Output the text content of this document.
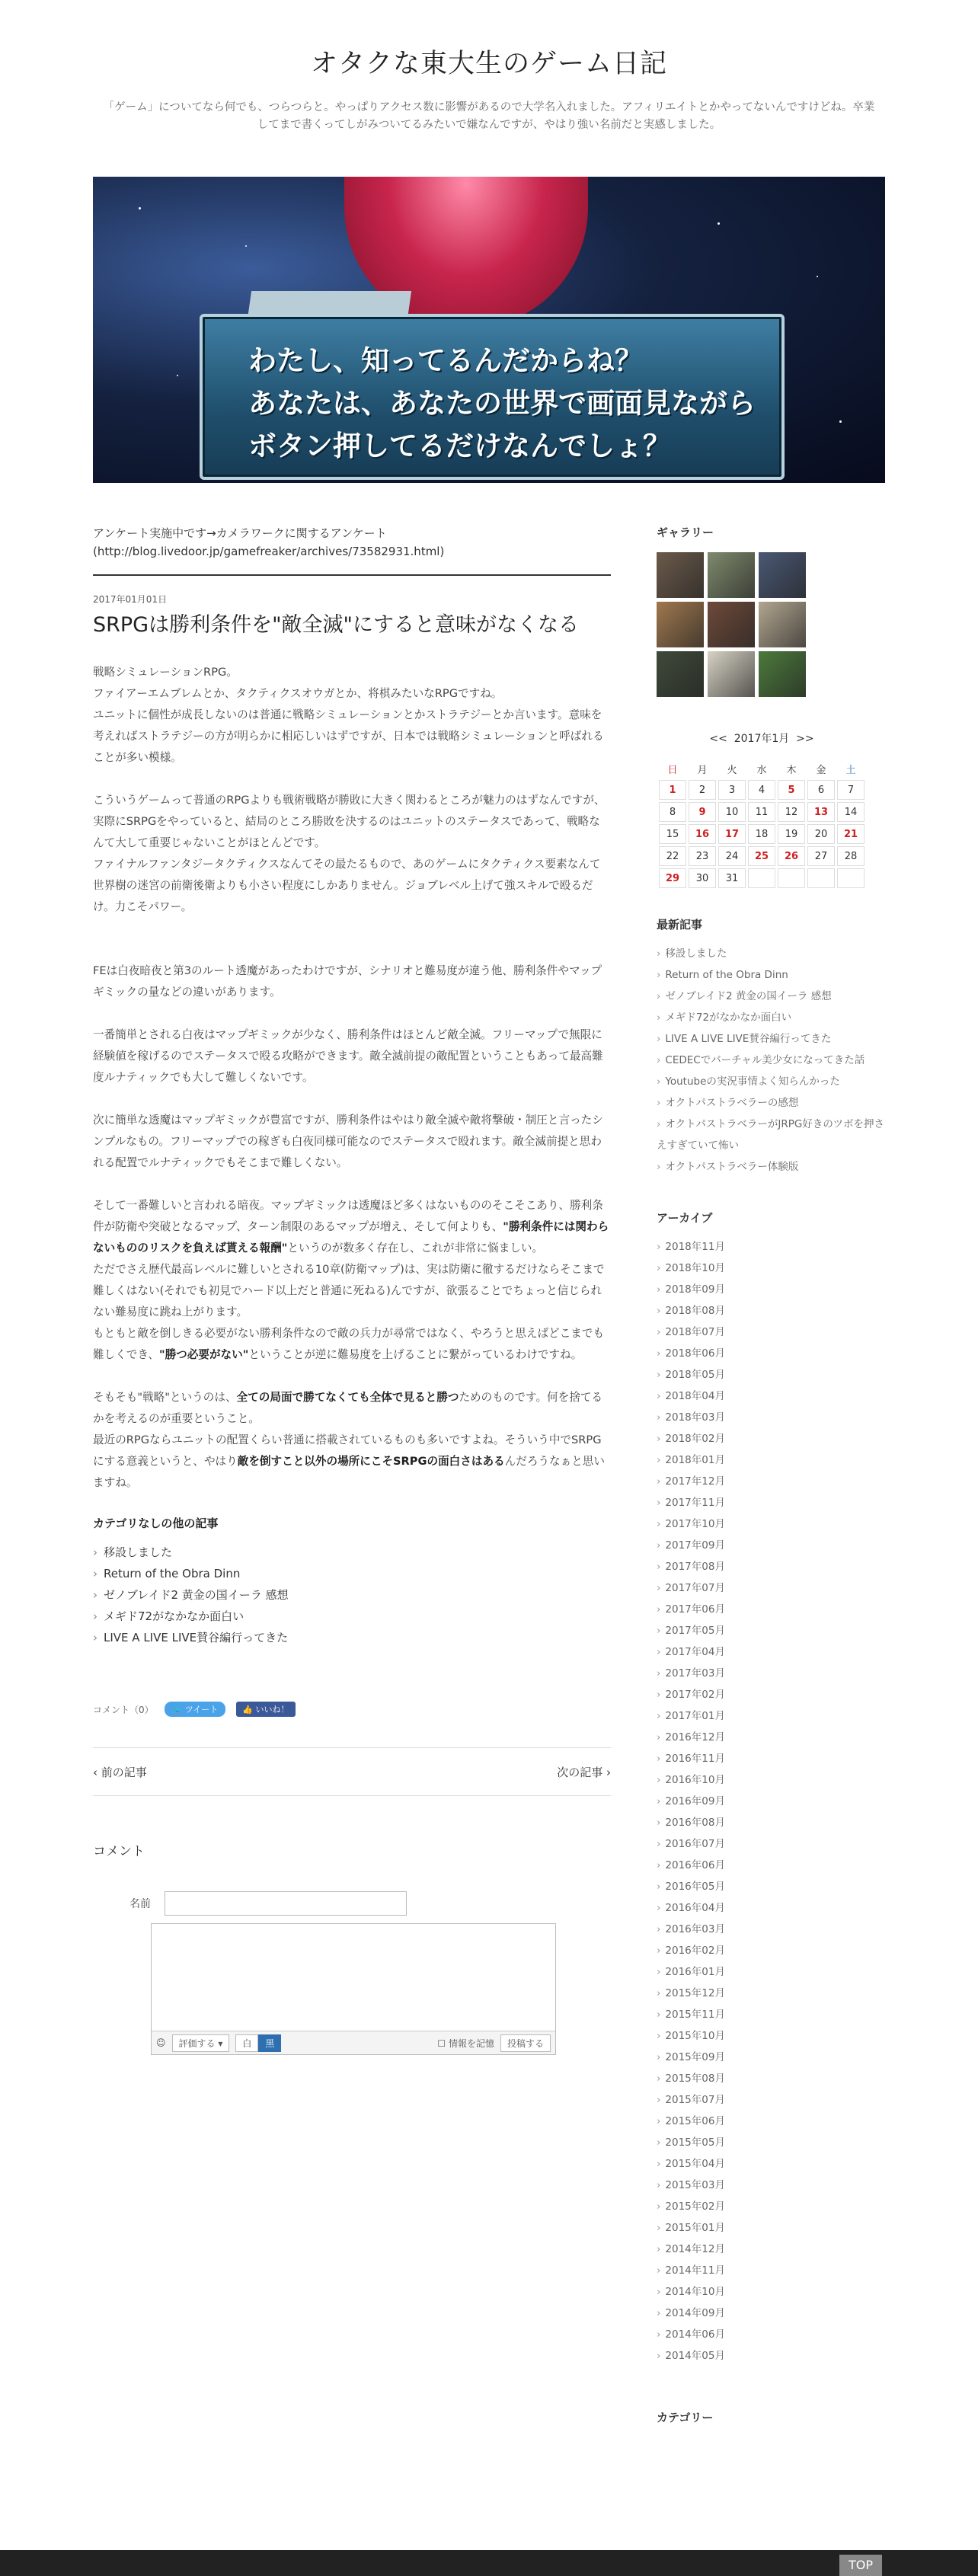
オタクな東大生のゲーム日記
「ゲーム」についてなら何でも、つらつらと。やっぱりアクセス数に影響があるので大学名入れました。アフィリエイトとかやってないんですけどね。卒業してまで書くってしがみついてるみたいで嫌なんですが、やはり強い名前だと実感しました。
わたし、知ってるんだからね？
あなたは、あなたの世界で画面見ながら
ボタン押してるだけなんでしょ？
アンケート実施中です→カメラワークに関するアンケート
(http://blog.livedoor.jp/gamefreaker/archives/73582931.html)
2017年01月01日
SRPGは勝利条件を"敵全滅"にすると意味がなくなる

戦略シミュレーションRPG。
ファイアーエムブレムとか、タクティクスオウガとか、将棋みたいなRPGですね。
ユニットに個性が成長しないのは普通に戦略シミュレーションとかストラテジーとか言います。意味を考えればストラテジーの方が明らかに相応しいはずですが、日本では戦略シミュレーションと呼ばれることが多い模様。

こういうゲームって普通のRPGよりも戦術戦略が勝敗に大きく関わるところが魅力のはずなんですが、実際にSRPGをやっていると、結局のところ勝敗を決するのはユニットのステータスであって、戦略なんて大して重要じゃないことがほとんどです。
ファイナルファンタジータクティクスなんてその最たるもので、あのゲームにタクティクス要素なんて世界樹の迷宮の前衛後衛よりも小さい程度にしかありません。ジョブレベル上げて強スキルで殴るだけ。力こそパワー。

FEは白夜暗夜と第3のルート透魔があったわけですが、シナリオと難易度が違う他、勝利条件やマップギミックの量などの違いがあります。

一番簡単とされる白夜はマップギミックが少なく、勝利条件はほとんど敵全滅。フリーマップで無限に経験値を稼げるのでステータスで殴る攻略ができます。敵全滅前提の敵配置ということもあって最高難度ルナティックでも大して難しくないです。

次に簡単な透魔はマップギミックが豊富ですが、勝利条件はやはり敵全滅や敵将撃破・制圧と言ったシンプルなもの。フリーマップでの稼ぎも白夜同様可能なのでステータスで殴れます。敵全滅前提と思われる配置でルナティックでもそこまで難しくない。

そして一番難しいと言われる暗夜。マップギミックは透魔ほど多くはないもののそこそこあり、勝利条件が防衛や突破となるマップ、ターン制限のあるマップが増え、そして何よりも、"勝利条件には関わらないもののリスクを負えば貰える報酬"というのが数多く存在し、これが非常に悩ましい。
ただでさえ歴代最高レベルに難しいとされる10章(防衛マップ)は、実は防衛に徹するだけならそこまで難しくはない(それでも初見でハード以上だと普通に死ねる)んですが、欲張ることでちょっと信じられない難易度に跳ね上がります。
もともと敵を倒しきる必要がない勝利条件なので敵の兵力が尋常ではなく、やろうと思えばどこまでも難しくでき、"勝つ必要がない"ということが逆に難易度を上げることに繋がっているわけですね。

そもそも"戦略"というのは、全ての局面で勝てなくても全体で見ると勝つためのものです。何を捨てるかを考えるのが重要ということ。
最近のRPGならユニットの配置くらい普通に搭載されているものも多いですよね。そういう中でSRPGにする意義というと、やはり敵を倒すこと以外の場所にこそSRPGの面白さはあるんだろうなぁと思いますね。

カテゴリなしの他の記事
› 移設しました
› Return of the Obra Dinn
› ゼノブレイド2 黄金の国イーラ 感想
› メギド72がなかなか面白い
› LIVE A LIVE LIVE賛谷編行ってきた
コメント（0）	🐦 ツイート	👍 いいね！
‹ 前の記事	次の記事 ›
コメント
名前
☺	評価する ▾	白	黒	☐ 情報を記憶	投稿する
ギャラリー
<< 2017年1月 >>
日	月	火	水	木	金	土
1	2	3	4	5	6	7
8	9	10	11	12	13	14
15	16	17	18	19	20	21
22	23	24	25	26	27	28
29	30	31				
最新記事
› 移設しました
› Return of the Obra Dinn
› ゼノブレイド2 黄金の国イーラ 感想
› メギド72がなかなか面白い
› LIVE A LIVE LIVE賛谷編行ってきた
› CEDECでバーチャル美少女になってきた話
› Youtubeの実況事情よく知らんかった
› オクトパストラベラーの感想
› オクトパストラベラーがJRPG好きのツボを押さえすぎていて怖い
› オクトパストラベラー体験版
アーカイブ
› 2018年11月
› 2018年10月
› 2018年09月
› 2018年08月
› 2018年07月
› 2018年06月
› 2018年05月
› 2018年04月
› 2018年03月
› 2018年02月
› 2018年01月
› 2017年12月
› 2017年11月
› 2017年10月
› 2017年09月
› 2017年08月
› 2017年07月
› 2017年06月
› 2017年05月
› 2017年04月
› 2017年03月
› 2017年02月
› 2017年01月
› 2016年12月
› 2016年11月
› 2016年10月
› 2016年09月
› 2016年08月
› 2016年07月
› 2016年06月
› 2016年05月
› 2016年04月
› 2016年03月
› 2016年02月
› 2016年01月
› 2015年12月
› 2015年11月
› 2015年10月
› 2015年09月
› 2015年08月
› 2015年07月
› 2015年06月
› 2015年05月
› 2015年04月
› 2015年03月
› 2015年02月
› 2015年01月
› 2014年12月
› 2014年11月
› 2014年10月
› 2014年09月
› 2014年06月
› 2014年05月
カテゴリー
TOP
